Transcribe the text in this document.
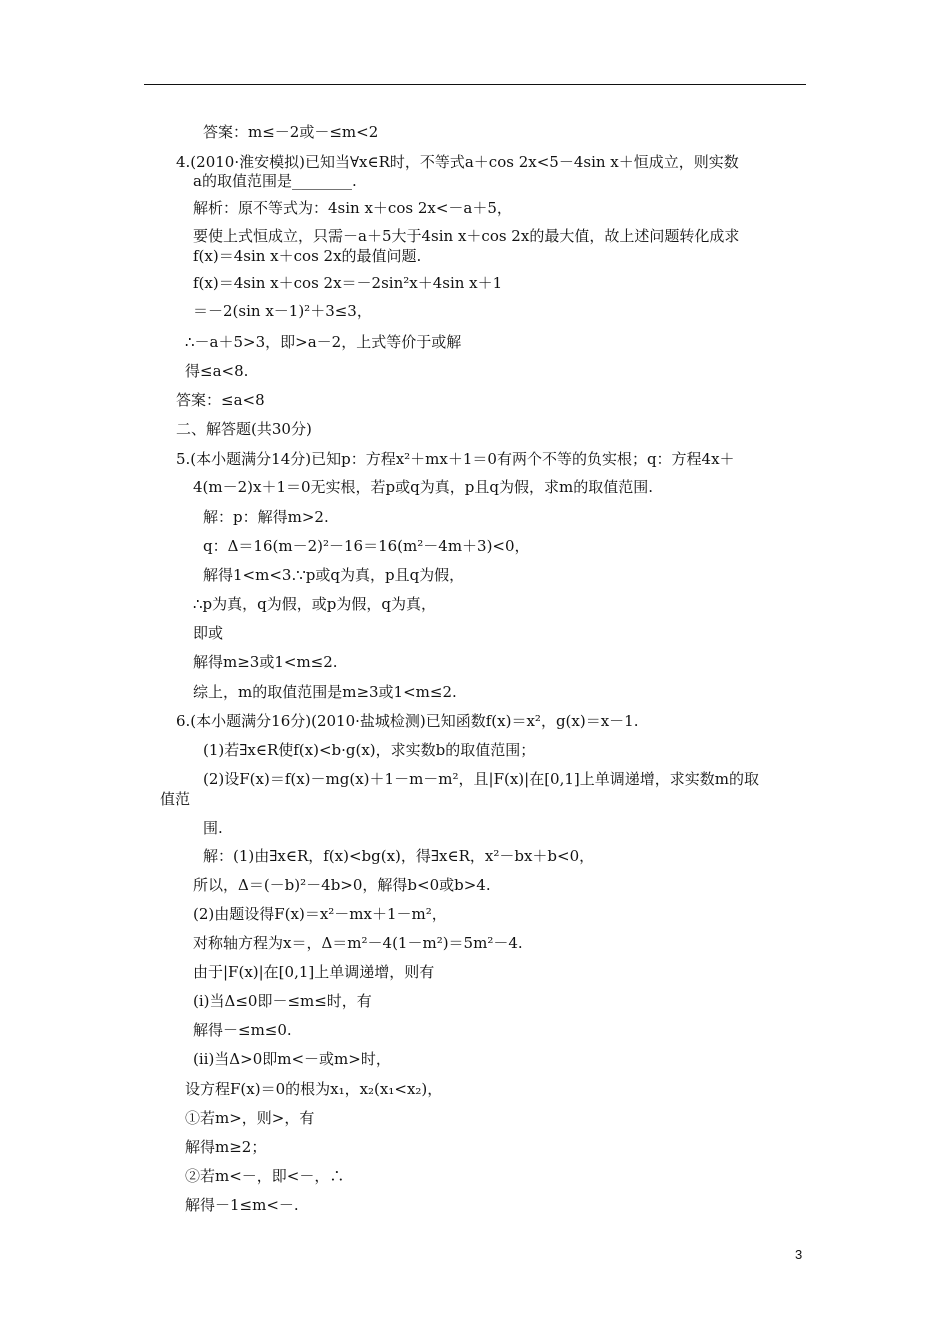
答案：m≤－2或－≤m<2
4.(2010·淮安模拟)已知当∀x∈R时，不等式a＋cos 2x<5－4sin x＋恒成立，则实数
a的取值范围是________.
解析：原不等式为：4sin x＋cos 2x<－a＋5，
要使上式恒成立，只需－a＋5大于4sin x＋cos 2x的最大值，故上述问题转化成求
f(x)＝4sin x＋cos 2x的最值问题.
f(x)＝4sin x＋cos 2x＝－2sin²x＋4sin x＋1
＝－2(sin x－1)²＋3≤3，
∴－a＋5>3，即>a－2，上式等价于或解
得≤a<8.
答案：≤a<8
二、解答题(共30分)
5.(本小题满分14分)已知p：方程x²＋mx＋1＝0有两个不等的负实根；q：方程4x＋
4(m－2)x＋1＝0无实根，若p或q为真，p且q为假，求m的取值范围.
解：p：解得m>2.
q：Δ＝16(m－2)²－16＝16(m²－4m＋3)<0，
解得1<m<3.∵p或q为真，p且q为假，
∴p为真，q为假，或p为假，q为真，
即或
解得m≥3或1<m≤2.
综上，m的取值范围是m≥3或1<m≤2.
6.(本小题满分16分)(2010·盐城检测)已知函数f(x)＝x²，g(x)＝x－1.
(1)若∃x∈R使f(x)<b·g(x)，求实数b的取值范围；
(2)设F(x)＝f(x)－mg(x)＋1－m－m²，且|F(x)|在[0,1]上单调递增，求实数m的取
值范
围.
解：(1)由∃x∈R，f(x)<bg(x)，得∃x∈R，x²－bx＋b<0，
所以，Δ＝(－b)²－4b>0，解得b<0或b>4.
(2)由题设得F(x)＝x²－mx＋1－m²，
对称轴方程为x＝，Δ＝m²－4(1－m²)＝5m²－4.
由于|F(x)|在[0,1]上单调递增，则有
(ⅰ)当Δ≤0即－≤m≤时，有
解得－≤m≤0.
(ⅱ)当Δ>0即m<－或m>时，
设方程F(x)＝0的根为x₁，x₂(x₁<x₂)，
①若m>，则>，有
解得m≥2；
②若m<－，即<－，∴
解得－1≤m<－.
3
